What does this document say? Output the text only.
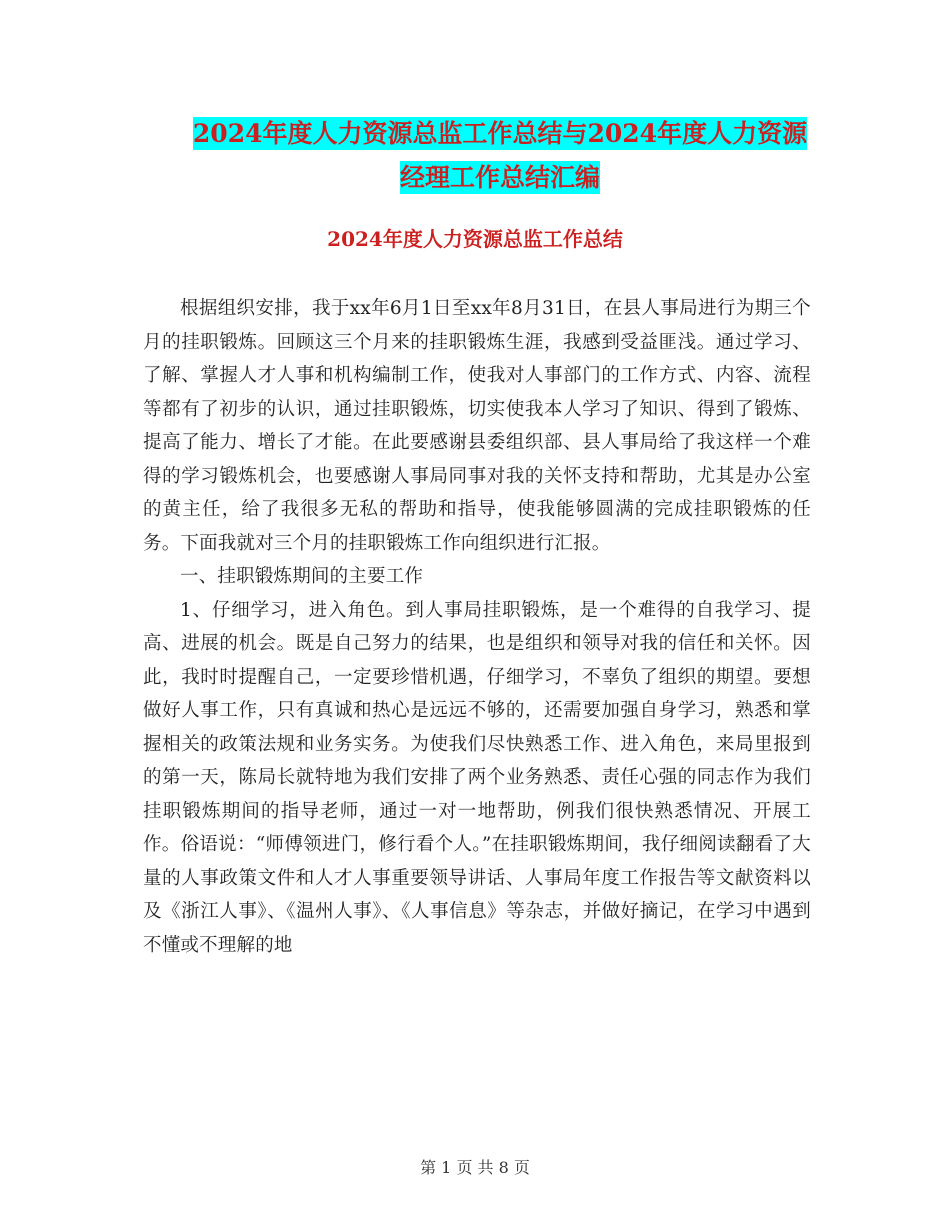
2024年度人力资源总监工作总结与2024年度人力资源
经理工作总结汇编
2024年度人力资源总监工作总结

根据组织安排，我于xx年6月1日至xx年8月31日，在县人事局进行为期三个月的挂职锻炼。回顾这三个月来的挂职锻炼生涯，我感到受益匪浅。通过学习、了解、掌握人才人事和机构编制工作，使我对人事部门的工作方式、内容、流程等都有了初步的认识，通过挂职锻炼，切实使我本人学习了知识、得到了锻炼、提高了能力、增长了才能。在此要感谢县委组织部、县人事局给了我这样一个难得的学习锻炼机会，也要感谢人事局同事对我的关怀支持和帮助，尤其是办公室的黄主任，给了我很多无私的帮助和指导，使我能够圆满的完成挂职锻炼的任务。下面我就对三个月的挂职锻炼工作向组织进行汇报。

一、挂职锻炼期间的主要工作

1、仔细学习，进入角色。到人事局挂职锻炼，是一个难得的自我学习、提高、进展的机会。既是自己努力的结果，也是组织和领导对我的信任和关怀。因此，我时时提醒自己，一定要珍惜机遇，仔细学习，不辜负了组织的期望。要想做好人事工作，只有真诚和热心是远远不够的，还需要加强自身学习，熟悉和掌握相关的政策法规和业务实务。为使我们尽快熟悉工作、进入角色，来局里报到的第一天，陈局长就特地为我们安排了两个业务熟悉、责任心强的同志作为我们挂职锻炼期间的指导老师，通过一对一地帮助，例我们很快熟悉情况、开展工作。俗语说：“师傅领进门，修行看个人。”在挂职锻炼期间，我仔细阅读翻看了大量的人事政策文件和人才人事重要领导讲话、人事局年度工作报告等文献资料以及《浙江人事》、《温州人事》、《人事信息》等杂志，并做好摘记，在学习中遇到不懂或不理解的地

第 1 页 共 8 页
